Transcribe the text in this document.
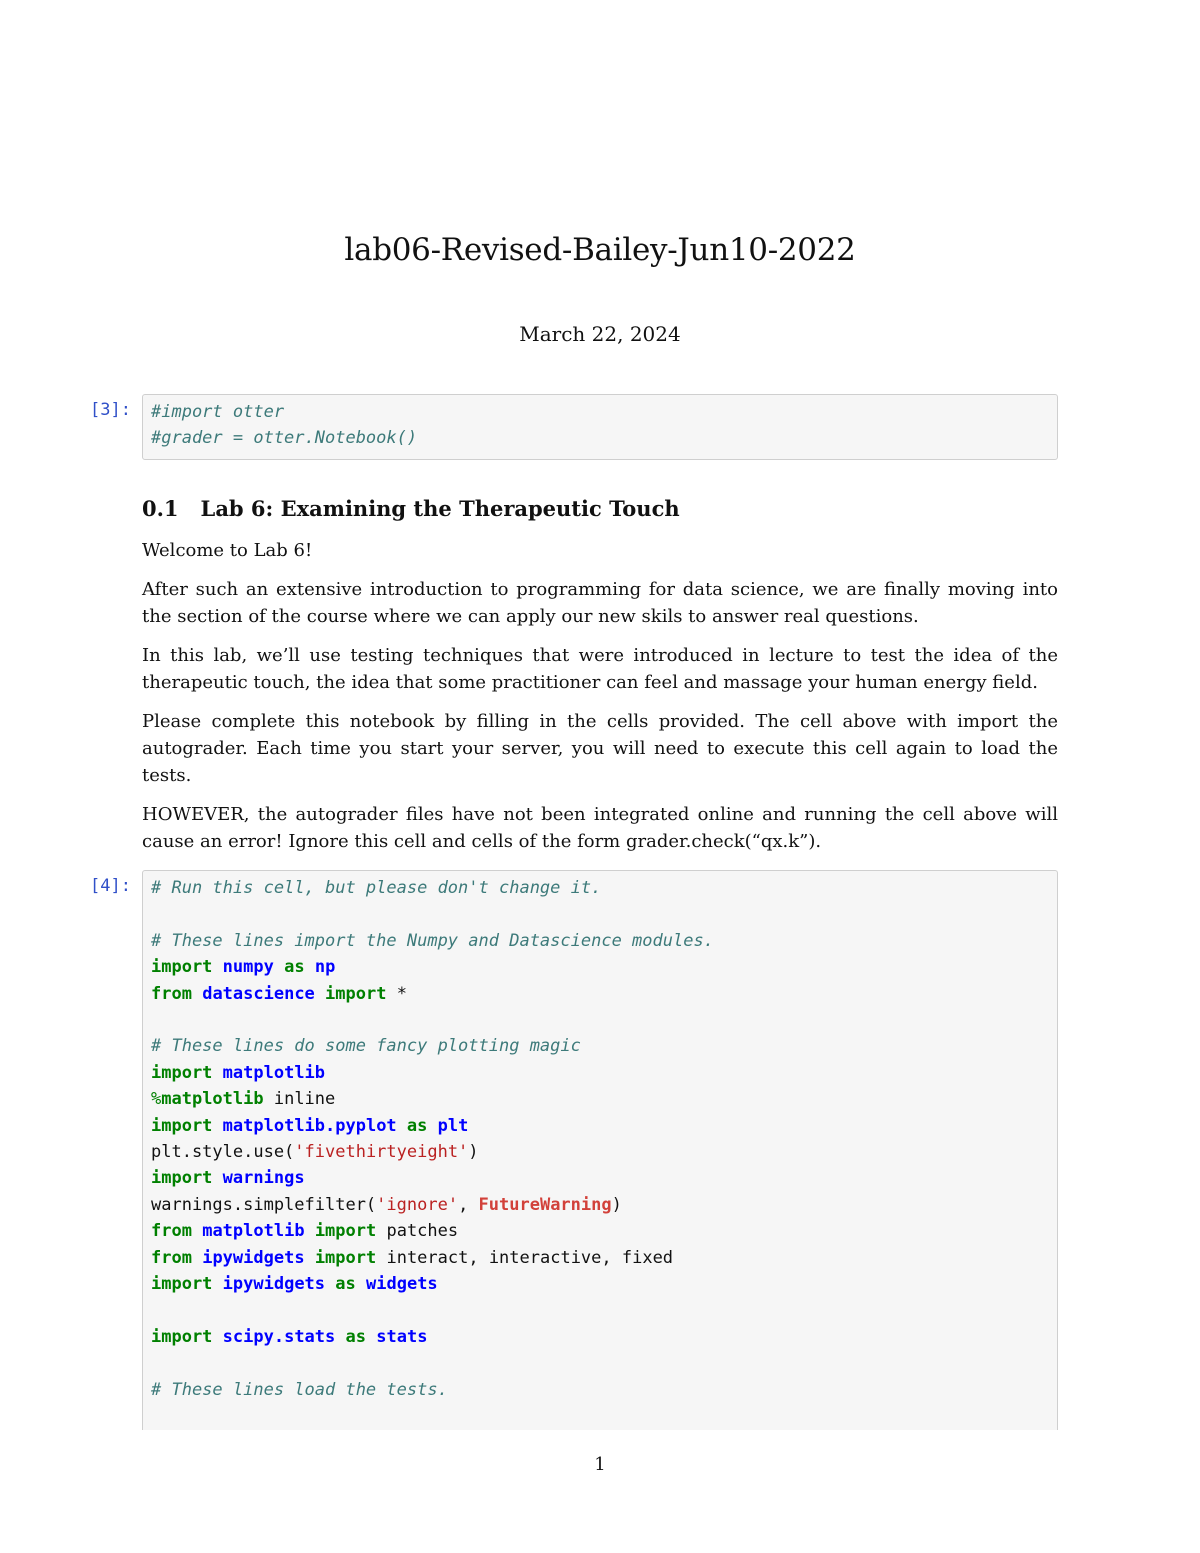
lab06-Revised-Bailey-Jun10-2022
March 22, 2024
[3]:	#import otter
#grader = otter.Notebook()
0.1 Lab 6: Examining the Therapeutic Touch

Welcome to Lab 6!

After such an extensive introduction to programming for data science, we are finally moving into the section of the course where we can apply our new skils to answer real questions.

In this lab, we’ll use testing techniques that were introduced in lecture to test the idea of the therapeutic touch, the idea that some practitioner can feel and massage your human energy field.

Please complete this notebook by filling in the cells provided. The cell above with import the autograder. Each time you start your server, you will need to execute this cell again to load the tests.

HOWEVER, the autograder files have not been integrated online and running the cell above will cause an error! Ignore this cell and cells of the form grader.check(“qx.k”).

[4]:	# Run this cell, but please don't change it.

# These lines import the Numpy and Datascience modules.
import numpy as np
from datascience import *

# These lines do some fancy plotting magic
import matplotlib
%matplotlib inline
import matplotlib.pyplot as plt
plt.style.use('fivethirtyeight')
import warnings
warnings.simplefilter('ignore', FutureWarning)
from matplotlib import patches
from ipywidgets import interact, interactive, fixed
import ipywidgets as widgets

import scipy.stats as stats

# These lines load the tests.
1
